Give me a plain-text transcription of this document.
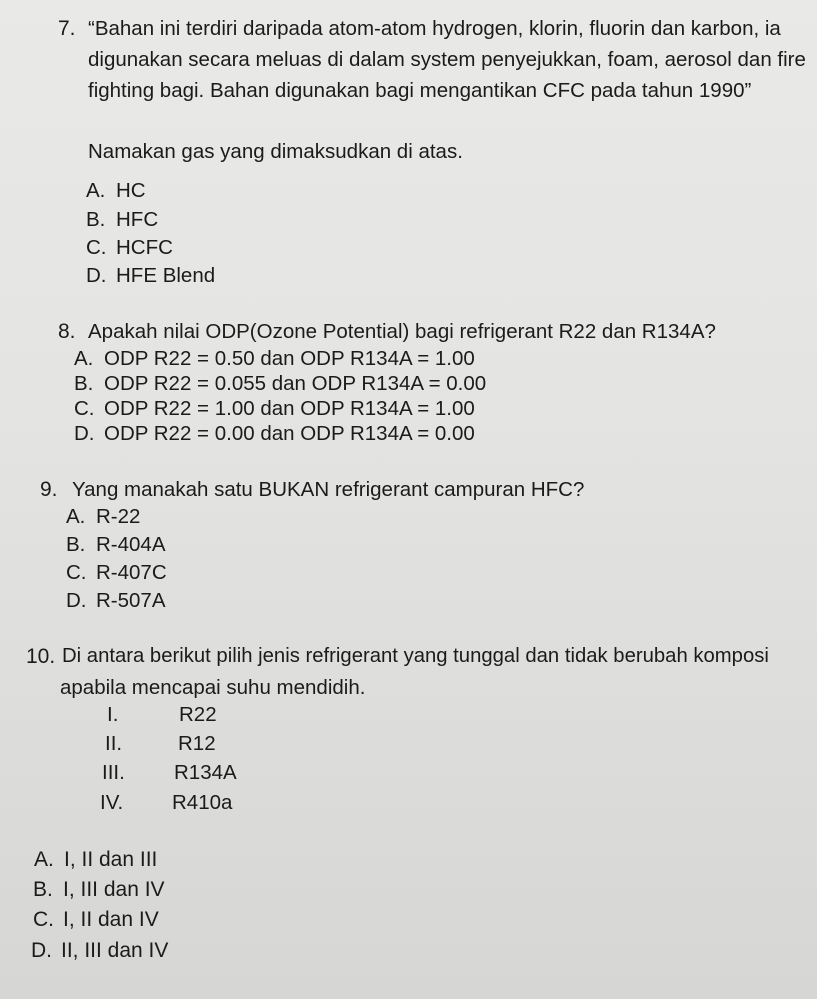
7. “Bahan ini terdiri daripada atom-atom hydrogen, klorin, fluorin dan karbon, ia
digunakan secara meluas di dalam system penyejukkan, foam, aerosol dan fire
fighting bagi. Bahan digunakan bagi mengantikan CFC pada tahun 1990”
Namakan gas yang dimaksudkan di atas.
A. HC
B. HFC
C. HCFC
D. HFE Blend
8. Apakah nilai ODP(Ozone Potential) bagi refrigerant R22 dan R134A?
A. ODP R22 = 0.50 dan ODP R134A = 1.00
B. ODP R22 = 0.055 dan ODP R134A = 0.00
C. ODP R22 = 1.00 dan ODP R134A = 1.00
D. ODP R22 = 0.00 dan ODP R134A = 0.00
9. Yang manakah satu BUKAN refrigerant campuran HFC?
A. R-22
B. R-404A
C. R-407C
D. R-507A
10. Di antara berikut pilih jenis refrigerant yang tunggal dan tidak berubah komposi
apabila mencapai suhu mendidih.
I.	R22
II.	R12
III. R134A
IV. R410a
A. I, II dan III
B. I, III dan IV
C. I, II dan IV
D. II, III dan IV
